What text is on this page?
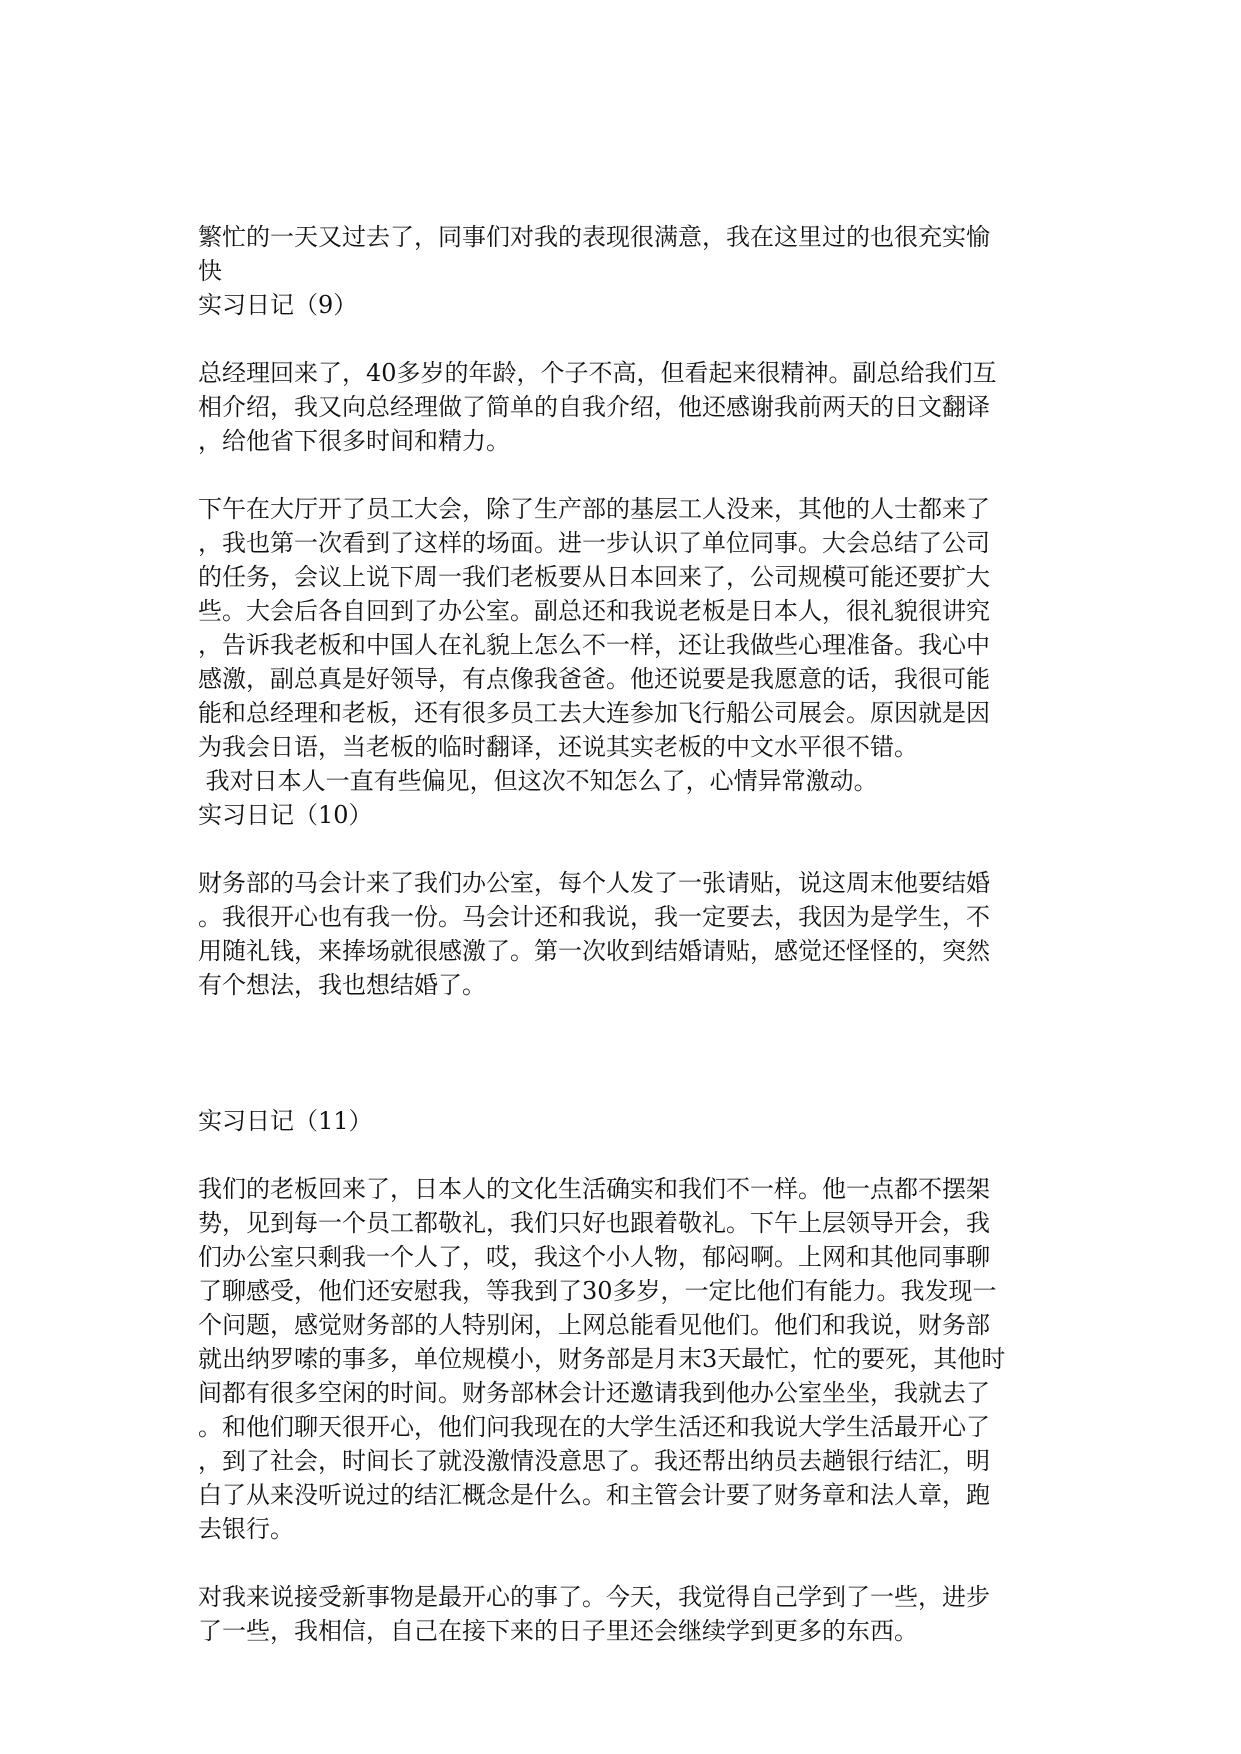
繁忙的一天又过去了，同事们对我的表现很满意，我在这里过的也很充实愉
快
实习日记（9）
总经理回来了，40多岁的年龄，个子不高，但看起来很精神。副总给我们互
相介绍，我又向总经理做了简单的自我介绍，他还感谢我前两天的日文翻译
，给他省下很多时间和精力。
下午在大厅开了员工大会，除了生产部的基层工人没来，其他的人士都来了
，我也第一次看到了这样的场面。进一步认识了单位同事。大会总结了公司
的任务，会议上说下周一我们老板要从日本回来了，公司规模可能还要扩大
些。大会后各自回到了办公室。副总还和我说老板是日本人，很礼貌很讲究
，告诉我老板和中国人在礼貌上怎么不一样，还让我做些心理准备。我心中
感激，副总真是好领导，有点像我爸爸。他还说要是我愿意的话，我很可能
能和总经理和老板，还有很多员工去大连参加飞行船公司展会。原因就是因
为我会日语，当老板的临时翻译，还说其实老板的中文水平很不错。
我对日本人一直有些偏见，但这次不知怎么了，心情异常激动。
实习日记（10）
财务部的马会计来了我们办公室，每个人发了一张请贴，说这周末他要结婚
。我很开心也有我一份。马会计还和我说，我一定要去，我因为是学生，不
用随礼钱，来捧场就很感激了。第一次收到结婚请贴，感觉还怪怪的，突然
有个想法，我也想结婚了。
实习日记（11）
我们的老板回来了，日本人的文化生活确实和我们不一样。他一点都不摆架
势，见到每一个员工都敬礼，我们只好也跟着敬礼。下午上层领导开会，我
们办公室只剩我一个人了，哎，我这个小人物，郁闷啊。上网和其他同事聊
了聊感受，他们还安慰我，等我到了30多岁，一定比他们有能力。我发现一
个问题，感觉财务部的人特别闲，上网总能看见他们。他们和我说，财务部
就出纳罗嗦的事多，单位规模小，财务部是月末3天最忙，忙的要死，其他时
间都有很多空闲的时间。财务部林会计还邀请我到他办公室坐坐，我就去了
。和他们聊天很开心，他们问我现在的大学生活还和我说大学生活最开心了
，到了社会，时间长了就没激情没意思了。我还帮出纳员去趟银行结汇，明
白了从来没听说过的结汇概念是什么。和主管会计要了财务章和法人章，跑
去银行。
对我来说接受新事物是最开心的事了。今天，我觉得自己学到了一些，进步
了一些，我相信，自己在接下来的日子里还会继续学到更多的东西。
